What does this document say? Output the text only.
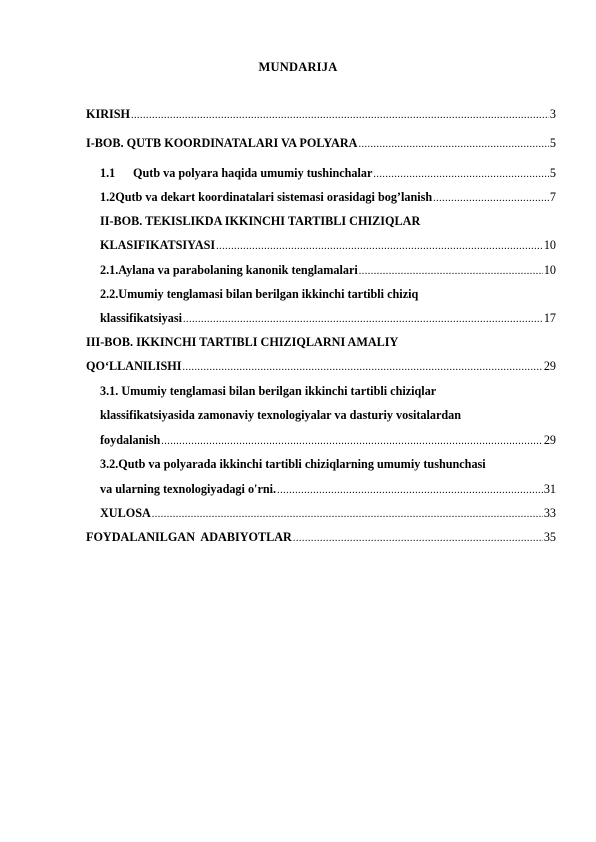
MUNDARIJA
KIRISH .....	3
I-BOB. QUTB KOORDINATALARI VA POLYARA .....	5
1.1 Qutb va polyara haqida umumiy tushinchalar .....	5
1.2Qutb va dekart koordinatalari sistemasi orasidagi bog’lanish .....	7
II-BOB. TEKISLIKDA IKKINCHI TARTIBLI CHIZIQLAR
KLASIFIKATSIYASI .....	10
2.1.Aylana va parabolaning kanonik tenglamalari .....	10
2.2.Umumiy tenglamasi bilan berilgan ikkinchi tartibli chiziq
klassifikatsiyasi .....	17
III-BOB. IKKINCHI TARTIBLI CHIZIQLARNI AMALIY
QO‘LLANILISHI .....	29
3.1. Umumiy tenglamasi bilan berilgan ikkinchi tartibli chiziqlar
klassifikatsiyasida zamonaviy texnologiyalar va dasturiy vositalardan
foydalanish .....	29
3.2.Qutb va polyarada ikkinchi tartibli chiziqlarning umumiy tushunchasi
va ularning texnologiyadagi o'rni. .....	31
XULOSA .....	33
FOYDALANILGAN  ADABIYOTLAR .....	35
